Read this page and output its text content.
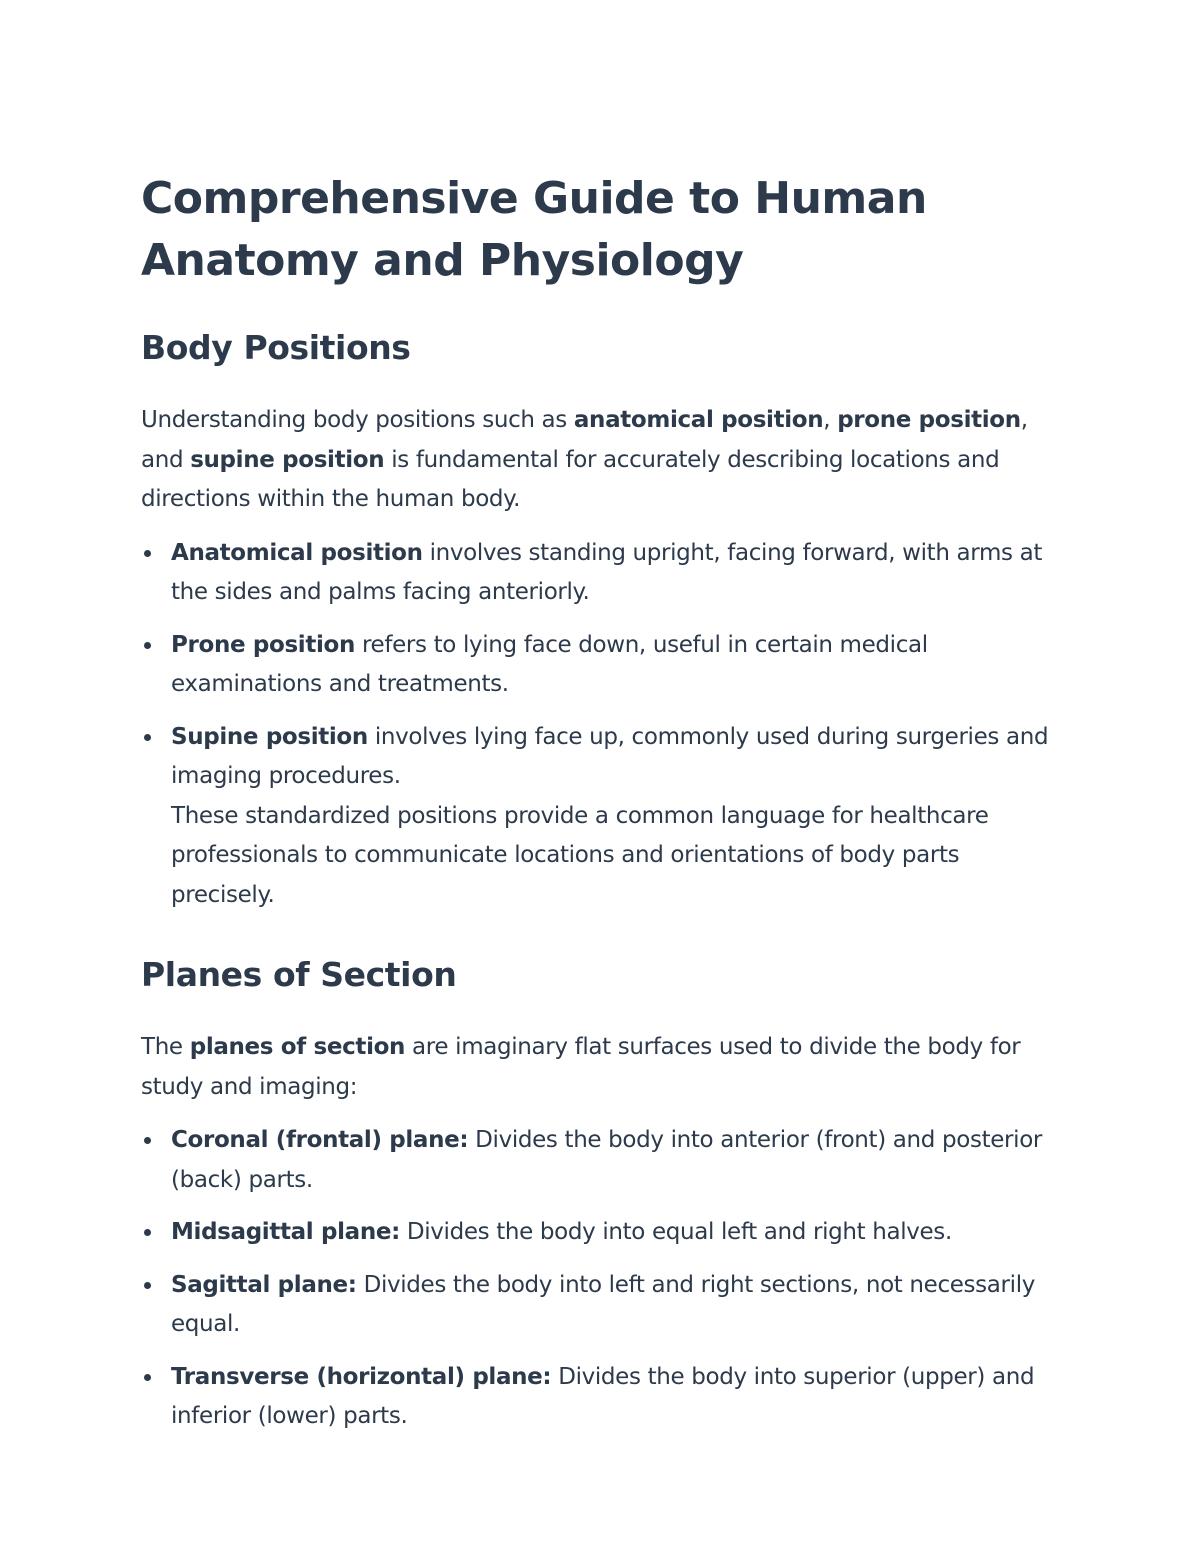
Comprehensive Guide to Human Anatomy and Physiology
Body Positions

Understanding body positions such as anatomical position, prone position, and supine position is fundamental for accurately describing locations and directions within the human body.

Anatomical position involves standing upright, facing forward, with arms at the sides and palms facing anteriorly.
Prone position refers to lying face down, useful in certain medical examinations and treatments.
Supine position involves lying face up, commonly used during surgeries and imaging procedures.
These standardized positions provide a common language for healthcare professionals to communicate locations and orientations of body parts precisely.
Planes of Section

The planes of section are imaginary flat surfaces used to divide the body for study and imaging:

Coronal (frontal) plane: Divides the body into anterior (front) and posterior (back) parts.
Midsagittal plane: Divides the body into equal left and right halves.
Sagittal plane: Divides the body into left and right sections, not necessarily equal.
Transverse (horizontal) plane: Divides the body into superior (upper) and inferior (lower) parts.
